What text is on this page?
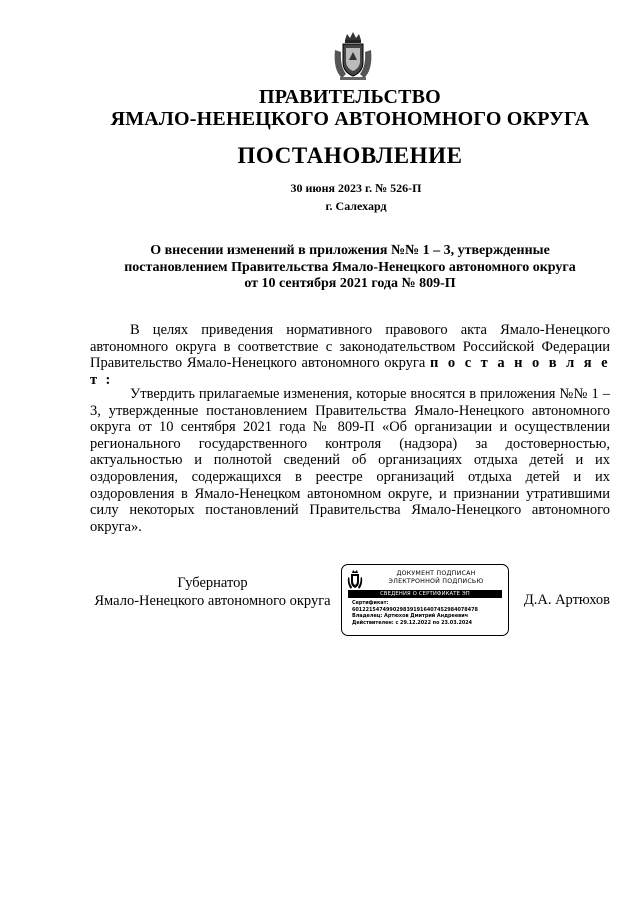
ПРАВИТЕЛЬСТВО
ЯМАЛО-НЕНЕЦКОГО АВТОНОМНОГО ОКРУГА
ПОСТАНОВЛЕНИЕ
30 июня 2023 г. № 526-П
г. Салехард
О внесении изменений в приложения №№ 1 – 3, утвержденные
постановлением Правительства Ямало-Ненецкого автономного округа
от 10 сентября 2021 года № 809-П
В целях приведения нормативного правового акта Ямало-Ненецкого автономного округа в соответствие с законодательством Российской Федерации Правительство Ямало-Ненецкого автономного округа п о с т а н о в л я е т :
Утвердить прилагаемые изменения, которые вносятся в приложения №№ 1 – 3, утвержденные постановлением Правительства Ямало-Ненецкого автономного округа от 10 сентября 2021 года № 809-П «Об организации и осуществлении регионального государственного контроля (надзора) за достоверностью, актуальностью и полнотой сведений об организациях отдыха детей и их оздоровления, содержащихся в реестре организаций отдыха детей и их оздоровления в Ямало-Ненецком автономном округе, и признании утратившими силу некоторых постановлений Правительства Ямало-Ненецкого автономного округа».
Губернатор
Ямало-Ненецкого автономного округа
ДОКУМЕНТ ПОДПИСАН
ЭЛЕКТРОННОЙ ПОДПИСЬЮ
СВЕДЕНИЯ О СЕРТИФИКАТЕ ЭП
Сертификат:
6012215474990298391916407452984078478
Владелец: Артюхов Дмитрий Андреевич
Действителен: с 29.12.2022 по 23.03.2024
Д.А. Артюхов
